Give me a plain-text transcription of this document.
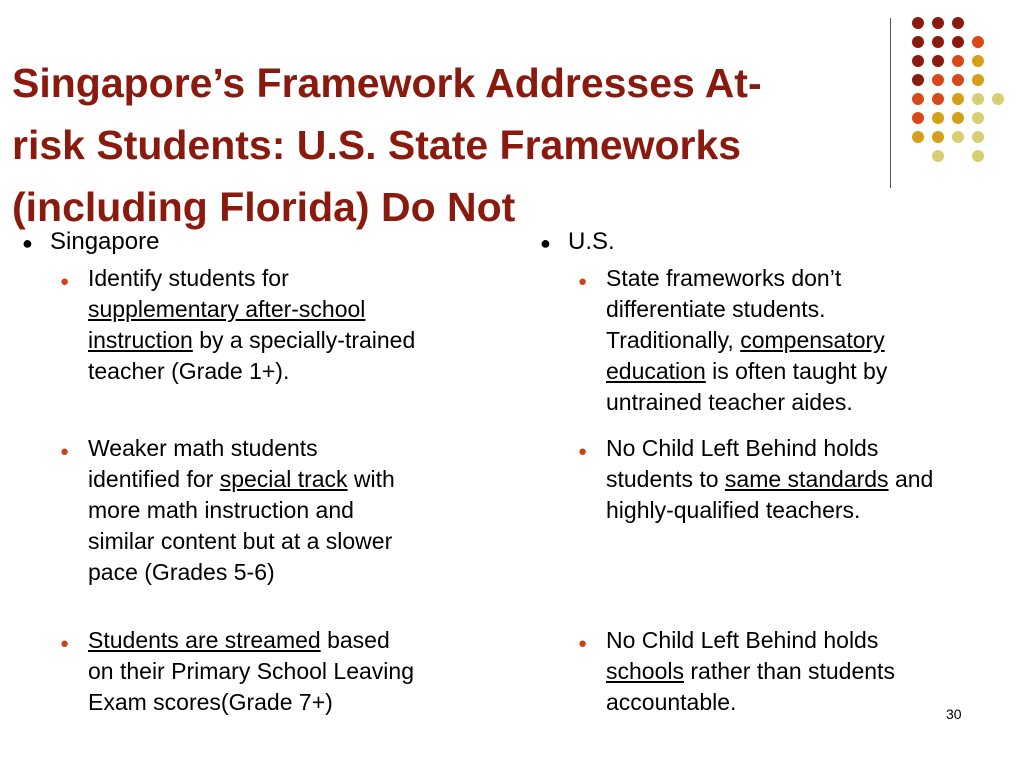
Singapore’s Framework Addresses At-
risk Students: U.S. State Frameworks
(including Florida) Do Not
● Singapore
● Identify students for

supplementary after-school

instruction by a specially-trained

teacher (Grade 1+).

● Weaker math students

identified for special track with

more math instruction and

similar content but at a slower

pace (Grades 5-6)

● Students are streamed based

on their Primary School Leaving

Exam scores(Grade 7+)

● U.S.
● State frameworks don’t

differentiate students.

Traditionally, compensatory

education is often taught by

untrained teacher aides.

● No Child Left Behind holds

students to same standards and

highly-qualified teachers.

● No Child Left Behind holds

schools rather than students

accountable.	30
